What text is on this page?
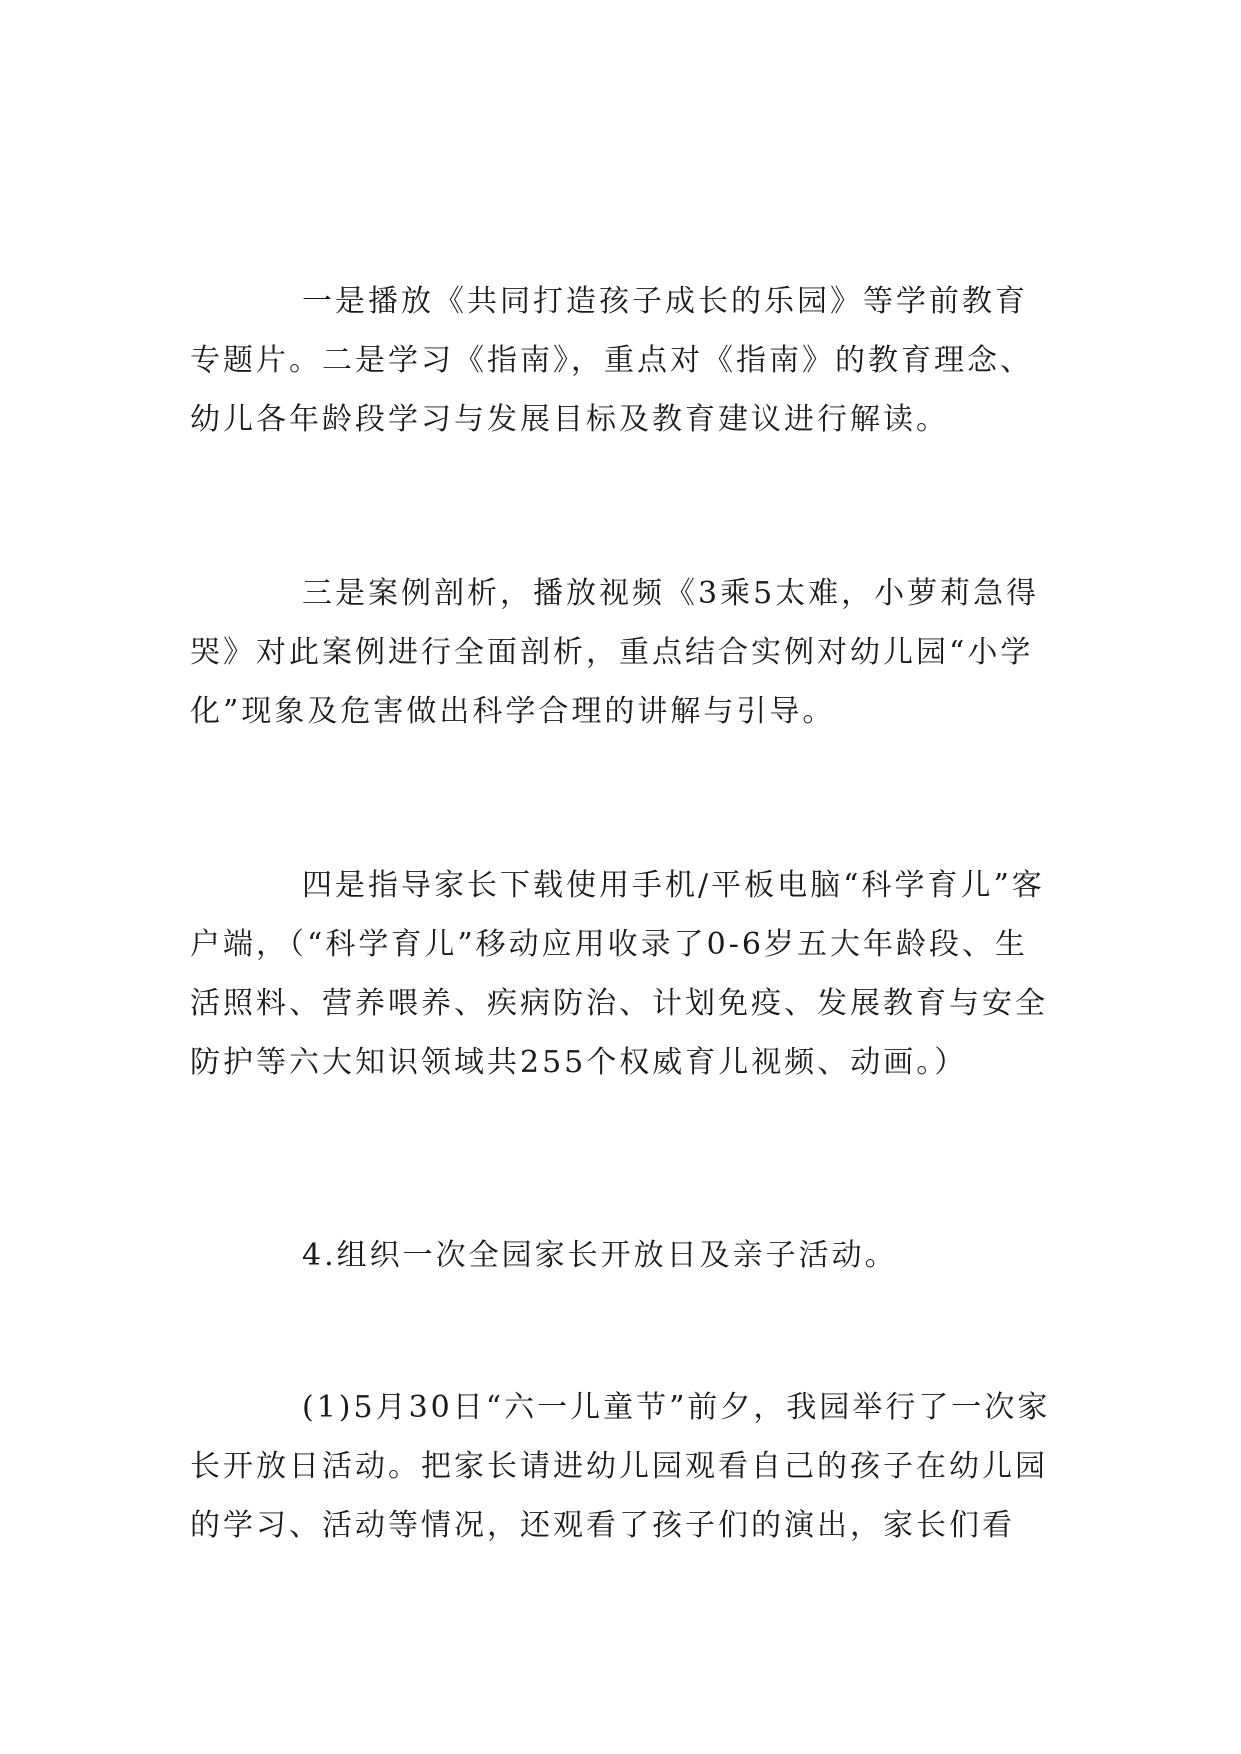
一是播放《共同打造孩子成长的乐园》等学前教育专题片。二是学习《指南》，重点对《指南》的教育理念、幼儿各年龄段学习与发展目标及教育建议进行解读。

三是案例剖析，播放视频《3乘5太难，小萝莉急得哭》对此案例进行全面剖析，重点结合实例对幼儿园“小学化”现象及危害做出科学合理的讲解与引导。

四是指导家长下载使用手机/平板电脑“科学育儿”客户端，（“科学育儿”移动应用收录了0-6岁五大年龄段、生活照料、营养喂养、疾病防治、计划免疫、发展教育与安全防护等六大知识领域共255个权威育儿视频、动画。）

4.组织一次全园家长开放日及亲子活动。

(1)5月30日“六一儿童节”前夕，我园举行了一次家长开放日活动。把家长请进幼儿园观看自己的孩子在幼儿园的学习、活动等情况，还观看了孩子们的演出，家长们看
